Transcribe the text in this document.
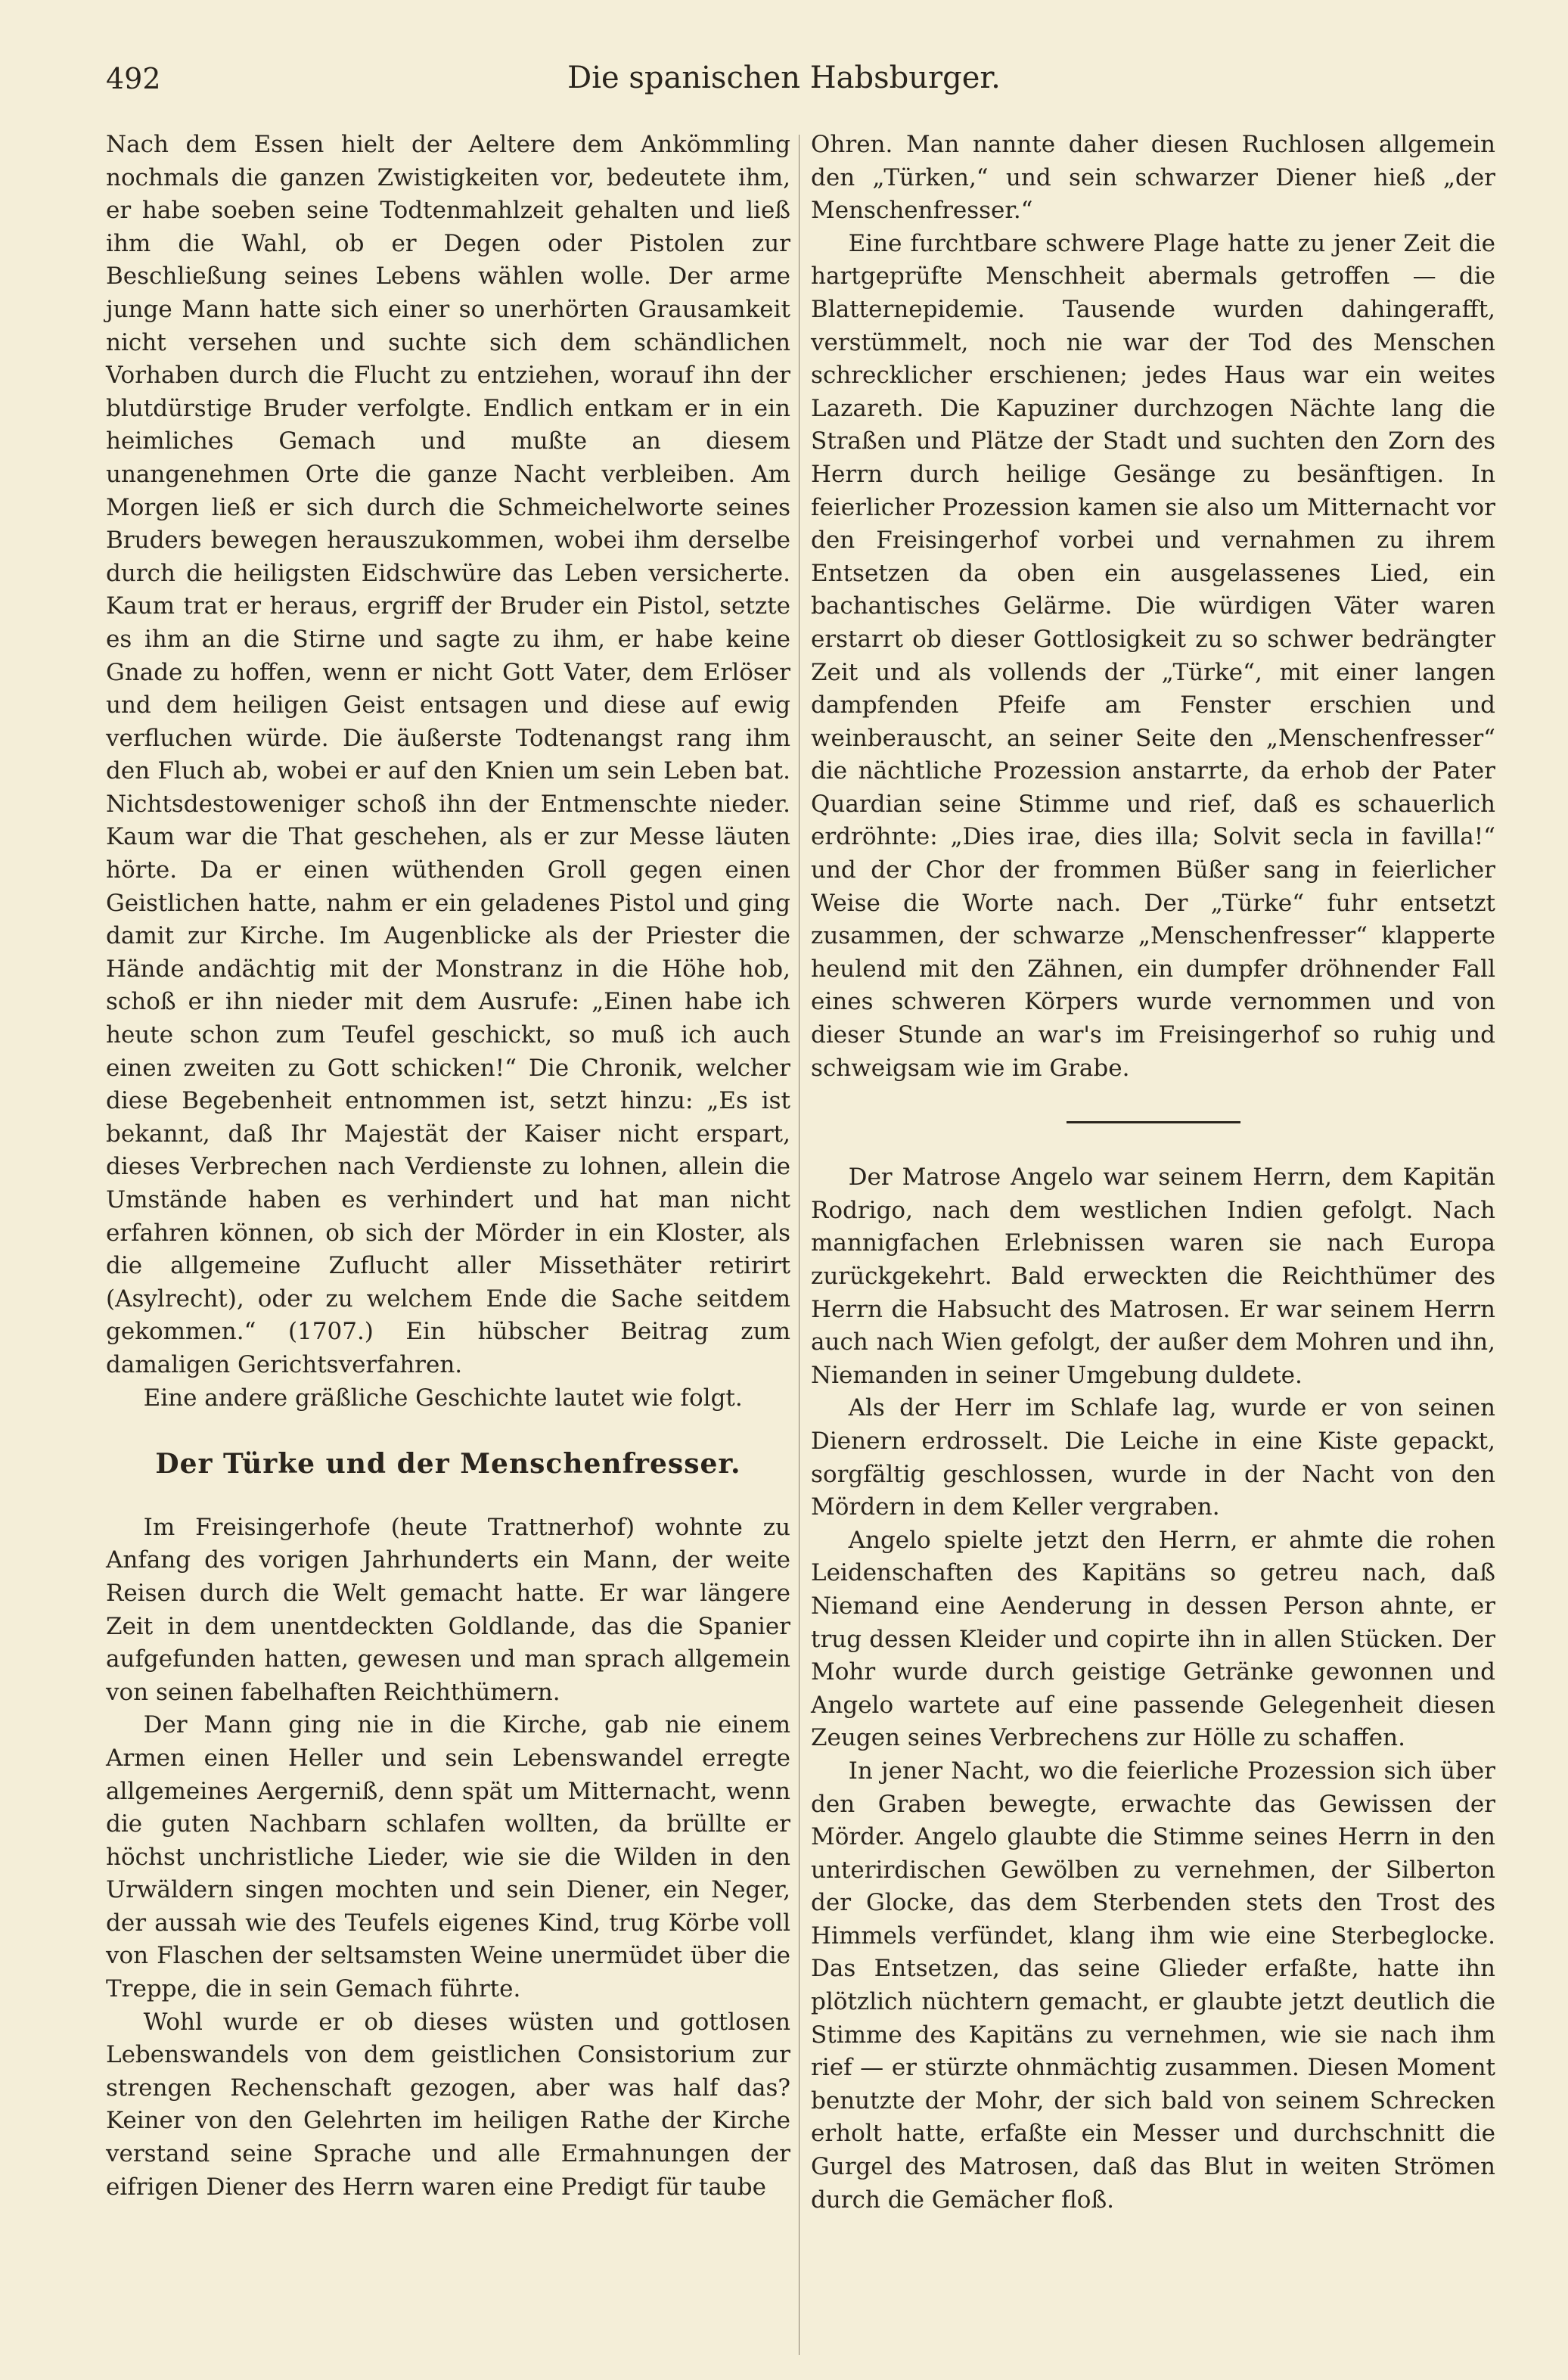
492	Die spanischen Habsburger.

Nach dem Essen hielt der Aeltere dem Ankömmling nochmals die ganzen Zwistigkeiten vor, bedeutete ihm, er habe soeben seine Todtenmahlzeit gehalten und ließ ihm die Wahl, ob er Degen oder Pistolen zur Beschließung seines Lebens wählen wolle. Der arme junge Mann hatte sich einer so unerhörten Grausamkeit nicht versehen und suchte sich dem schändlichen Vorhaben durch die Flucht zu entziehen, worauf ihn der blutdürstige Bruder verfolgte. Endlich entkam er in ein heimliches Gemach und mußte an diesem unangenehmen Orte die ganze Nacht verbleiben. Am Morgen ließ er sich durch die Schmeichelworte seines Bruders bewegen herauszukommen, wobei ihm derselbe durch die heiligsten Eidschwüre das Leben versicherte. Kaum trat er heraus, ergriff der Bruder ein Pistol, setzte es ihm an die Stirne und sagte zu ihm, er habe keine Gnade zu hoffen, wenn er nicht Gott Vater, dem Erlöser und dem heiligen Geist entsagen und diese auf ewig verfluchen würde. Die äußerste Todtenangst rang ihm den Fluch ab, wobei er auf den Knien um sein Leben bat. Nichtsdestoweniger schoß ihn der Entmenschte nieder. Kaum war die That geschehen, als er zur Messe läuten hörte. Da er einen wüthenden Groll gegen einen Geistlichen hatte, nahm er ein geladenes Pistol und ging damit zur Kirche. Im Augenblicke als der Priester die Hände andächtig mit der Monstranz in die Höhe hob, schoß er ihn nieder mit dem Ausrufe: „Einen habe ich heute schon zum Teufel geschickt, so muß ich auch einen zweiten zu Gott schicken!“ Die Chronik, welcher diese Begebenheit entnommen ist, setzt hinzu: „Es ist bekannt, daß Ihr Majestät der Kaiser nicht erspart, dieses Verbrechen nach Verdienste zu lohnen, allein die Umstände haben es verhindert und hat man nicht erfahren können, ob sich der Mörder in ein Kloster, als die allgemeine Zuflucht aller Missethäter retirirt (Asylrecht), oder zu welchem Ende die Sache seitdem gekommen.“ (1707.) Ein hübscher Beitrag zum damaligen Gerichtsverfahren.

Eine andere gräßliche Geschichte lautet wie folgt.

Der Türke und der Menschenfresser.

Im Freisingerhofe (heute Trattnerhof) wohnte zu Anfang des vorigen Jahrhunderts ein Mann, der weite Reisen durch die Welt gemacht hatte. Er war längere Zeit in dem unentdeckten Goldlande, das die Spanier aufgefunden hatten, gewesen und man sprach allgemein von seinen fabelhaften Reichthümern.

Der Mann ging nie in die Kirche, gab nie einem Armen einen Heller und sein Lebenswandel erregte allgemeines Aergerniß, denn spät um Mitternacht, wenn die guten Nachbarn schlafen wollten, da brüllte er höchst unchristliche Lieder, wie sie die Wilden in den Urwäldern singen mochten und sein Diener, ein Neger, der aussah wie des Teufels eigenes Kind, trug Körbe voll von Flaschen der seltsamsten Weine unermüdet über die Treppe, die in sein Gemach führte.

Wohl wurde er ob dieses wüsten und gottlosen Lebenswandels von dem geistlichen Consistorium zur strengen Rechenschaft gezogen, aber was half das? Keiner von den Gelehrten im heiligen Rathe der Kirche verstand seine Sprache und alle Ermahnungen der eifrigen Diener des Herrn waren eine Predigt für taube

Ohren. Man nannte daher diesen Ruchlosen allgemein den „Türken,“ und sein schwarzer Diener hieß „der Menschenfresser.“

Eine furchtbare schwere Plage hatte zu jener Zeit die hartgeprüfte Menschheit abermals getroffen — die Blatternepidemie. Tausende wurden dahingerafft, verstümmelt, noch nie war der Tod des Menschen schrecklicher erschienen; jedes Haus war ein weites Lazareth. Die Kapuziner durchzogen Nächte lang die Straßen und Plätze der Stadt und suchten den Zorn des Herrn durch heilige Gesänge zu besänftigen. In feierlicher Prozession kamen sie also um Mitternacht vor den Freisingerhof vorbei und vernahmen zu ihrem Entsetzen da oben ein ausgelassenes Lied, ein bachantisches Gelärme. Die würdigen Väter waren erstarrt ob dieser Gottlosigkeit zu so schwer bedrängter Zeit und als vollends der „Türke“, mit einer langen dampfenden Pfeife am Fenster erschien und weinberauscht, an seiner Seite den „Menschenfresser“ die nächtliche Prozession anstarrte, da erhob der Pater Quardian seine Stimme und rief, daß es schauerlich erdröhnte: „Dies irae, dies illa; Solvit secla in favilla!“ und der Chor der frommen Büßer sang in feierlicher Weise die Worte nach. Der „Türke“ fuhr entsetzt zusammen, der schwarze „Menschenfresser“ klapperte heulend mit den Zähnen, ein dumpfer dröhnender Fall eines schweren Körpers wurde vernommen und von dieser Stunde an war's im Freisingerhof so ruhig und schweigsam wie im Grabe.

Der Matrose Angelo war seinem Herrn, dem Kapitän Rodrigo, nach dem westlichen Indien gefolgt. Nach mannigfachen Erlebnissen waren sie nach Europa zurückgekehrt. Bald erweckten die Reichthümer des Herrn die Habsucht des Matrosen. Er war seinem Herrn auch nach Wien gefolgt, der außer dem Mohren und ihn, Niemanden in seiner Umgebung duldete.

Als der Herr im Schlafe lag, wurde er von seinen Dienern erdrosselt. Die Leiche in eine Kiste gepackt, sorgfältig geschlossen, wurde in der Nacht von den Mördern in dem Keller vergraben.

Angelo spielte jetzt den Herrn, er ahmte die rohen Leidenschaften des Kapitäns so getreu nach, daß Niemand eine Aenderung in dessen Person ahnte, er trug dessen Kleider und copirte ihn in allen Stücken. Der Mohr wurde durch geistige Getränke gewonnen und Angelo wartete auf eine passende Gelegenheit diesen Zeugen seines Verbrechens zur Hölle zu schaffen.

In jener Nacht, wo die feierliche Prozession sich über den Graben bewegte, erwachte das Gewissen der Mörder. Angelo glaubte die Stimme seines Herrn in den unterirdischen Gewölben zu vernehmen, der Silberton der Glocke, das dem Sterbenden stets den Trost des Himmels verfündet, klang ihm wie eine Sterbeglocke. Das Entsetzen, das seine Glieder erfaßte, hatte ihn plötzlich nüchtern gemacht, er glaubte jetzt deutlich die Stimme des Kapitäns zu vernehmen, wie sie nach ihm rief — er stürzte ohnmächtig zusammen. Diesen Moment benutzte der Mohr, der sich bald von seinem Schrecken erholt hatte, erfaßte ein Messer und durchschnitt die Gurgel des Matrosen, daß das Blut in weiten Strömen durch die Gemächer floß.
